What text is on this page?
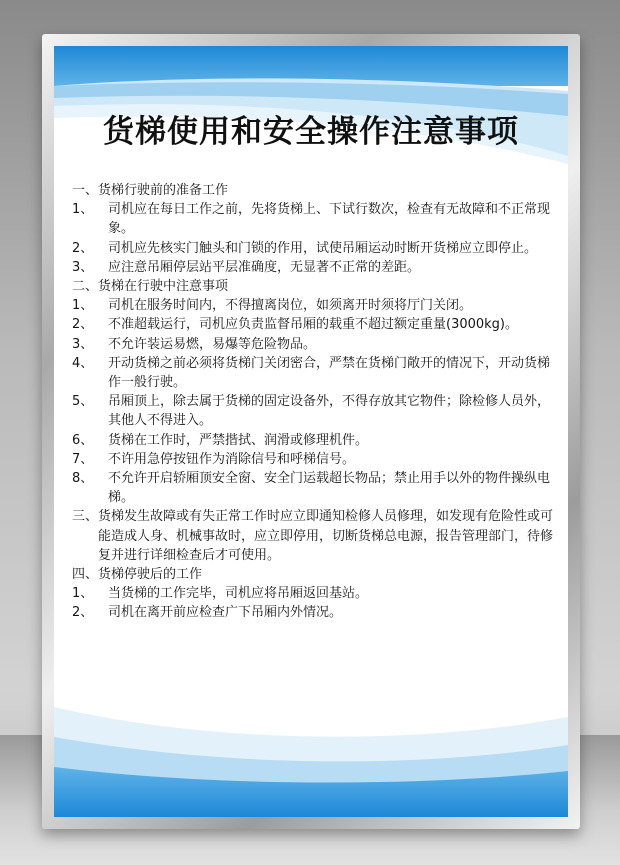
货梯使用和安全操作注意事项
一、货梯行驶前的准备工作
1、	司机应在每日工作之前，先将货梯上、下试行数次，检查有无故障和不正常现象。
2、	司机应先核实门触头和门锁的作用，试使吊厢运动时断开货梯应立即停止。
3、	应注意吊厢停层站平层准确度，无显著不正常的差距。
二、货梯在行驶中注意事项
1、	司机在服务时间内，不得擅离岗位，如须离开时须将厅门关闭。
2、	不准超载运行，司机应负责监督吊厢的载重不超过额定重量(3000kg)。
3、	不允许装运易燃，易爆等危险物品。
4、	开动货梯之前必须将货梯门关闭密合，严禁在货梯门敞开的情况下，开动货梯作一般行驶。
5、	吊厢顶上，除去属于货梯的固定设备外，不得存放其它物件；除检修人员外，其他人不得进入。
6、	货梯在工作时，严禁揩拭、润滑或修理机件。
7、	不许用急停按钮作为消除信号和呼梯信号。
8、	不允许开启轿厢顶安全窗、安全门运载超长物品；禁止用手以外的物件操纵电梯。
三、 货梯发生故障或有失正常工作时应立即通知检修人员修理，如发现有危险性或可能造成人身、机械事故时，应立即停用，切断货梯总电源，报告管理部门，待修复并进行详细检查后才可使用。
四、货梯停驶后的工作
1、	当货梯的工作完毕，司机应将吊厢返回基站。
2、	司机在离开前应检查广下吊厢内外情况。
